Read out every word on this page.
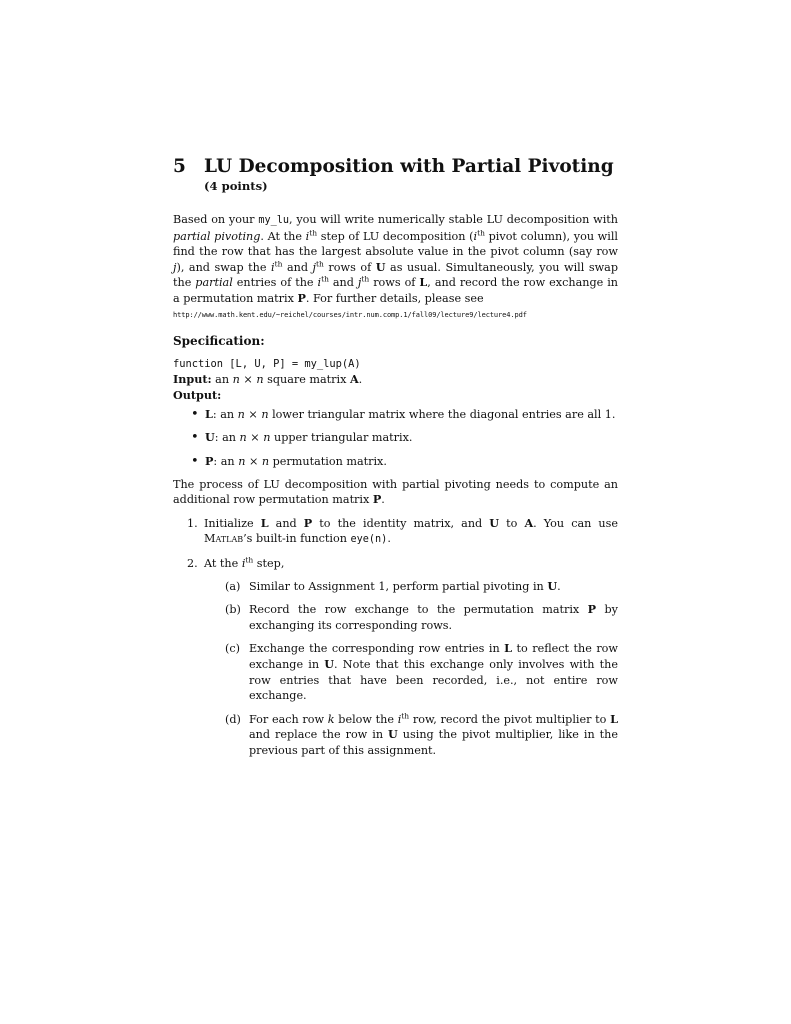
5 LU Decomposition with Partial Pivoting
(4 points)
Based on your my_lu, you will write numerically stable LU decomposition with partial pivoting. At the $i^{th}$ step of LU decomposition ($i^{th}$ pivot column), you will find the row that has the largest absolute value in the pivot column (say row j), and swap the $i^{th}$ and $j^{th}$ rows of U as usual. Simultaneously, you will swap the partial entries of the $i^{th}$ and $j^{th}$ rows of L, and record the row exchange in a permutation matrix P. For further details, please see
http://www.math.kent.edu/~reichel/courses/intr.num.comp.1/fall09/lecture9/lecture4.pdf
Specification:
function [L, U, P] = my_lup(A)
Input: an n × n square matrix A.
Output:
• L: an n × n lower triangular matrix where the diagonal entries are all 1.
• U: an n × n upper triangular matrix.
• P: an n × n permutation matrix.
The process of LU decomposition with partial pivoting needs to compute an additional row permutation matrix P.
1. Initialize L and P to the identity matrix, and U to A. You can use Matlab’s built-in function eye(n).
2. At the $i^{th}$ step,
(a) Similar to Assignment 1, perform partial pivoting in U.
(b) Record the row exchange to the permutation matrix P by exchanging its corresponding rows.
(c) Exchange the corresponding row entries in L to reflect the row exchange in U. Note that this exchange only involves with the row entries that have been recorded, i.e., not entire row exchange.
(d) For each row k below the $i^{th}$ row, record the pivot multiplier to L and replace the row in U using the pivot multiplier, like in the previous part of this assignment.
